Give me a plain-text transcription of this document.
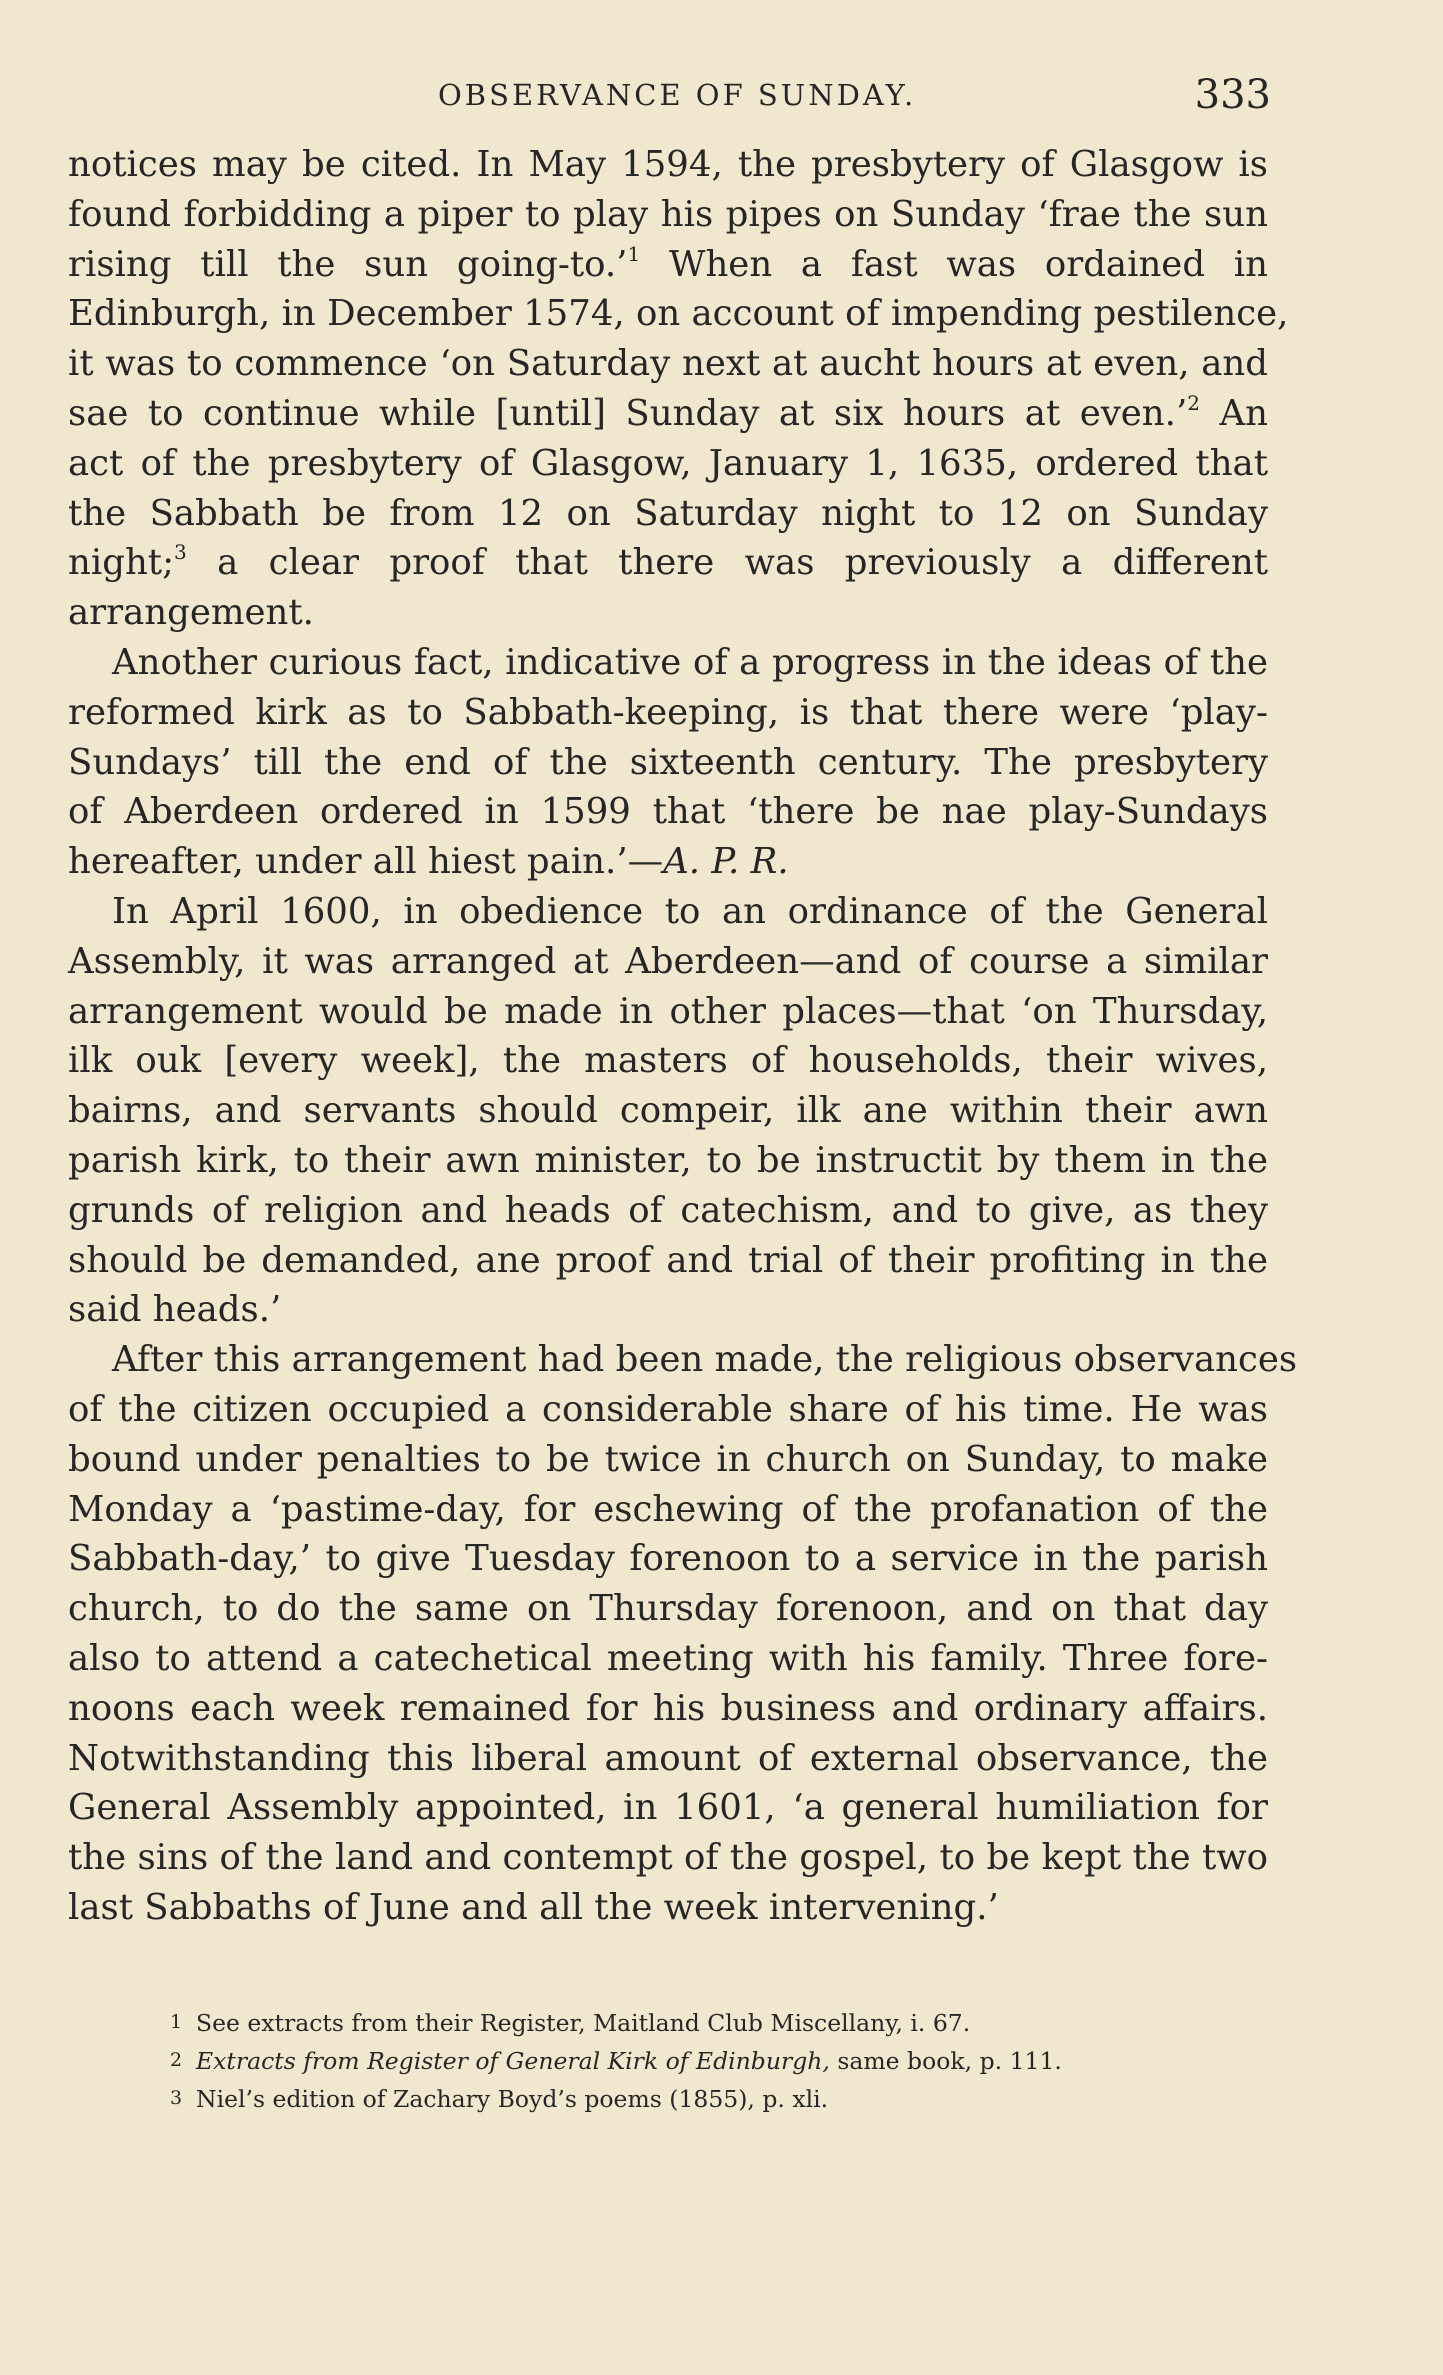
OBSERVANCE OF SUNDAY.	333
notices may be cited. In May 1594, the presbytery of Glasgow is
found forbidding a piper to play his pipes on Sunday ‘frae the sun
rising till the sun going-to.’$^1$ When a fast was ordained in
Edinburgh, in December 1574, on account of impending pestilence,
it was to commence ‘on Saturday next at aucht hours at even, and
sae to continue while [until] Sunday at six hours at even.’$^2$ An
act of the presbytery of Glasgow, January 1, 1635, ordered that
the Sabbath be from 12 on Saturday night to 12 on Sunday
night;$^3$ a clear proof that there was previously a different
arrangement.
Another curious fact, indicative of a progress in the ideas of the
reformed kirk as to Sabbath-keeping, is that there were ‘play-
Sundays’ till the end of the sixteenth century. The presbytery
of Aberdeen ordered in 1599 that ‘there be nae play-Sundays
hereafter, under all hiest pain.’—A. P. R.
In April 1600, in obedience to an ordinance of the General
Assembly, it was arranged at Aberdeen—and of course a similar
arrangement would be made in other places—that ‘on Thursday,
ilk ouk [every week], the masters of households, their wives,
bairns, and servants should compeir, ilk ane within their awn
parish kirk, to their awn minister, to be instructit by them in the
grunds of religion and heads of catechism, and to give, as they
should be demanded, ane proof and trial of their profiting in the
said heads.’
After this arrangement had been made, the religious observances
of the citizen occupied a considerable share of his time. He was
bound under penalties to be twice in church on Sunday, to make
Monday a ‘pastime-day, for eschewing of the profanation of the
Sabbath-day,’ to give Tuesday forenoon to a service in the parish
church, to do the same on Thursday forenoon, and on that day
also to attend a catechetical meeting with his family. Three fore-
noons each week remained for his business and ordinary affairs.
Notwithstanding this liberal amount of external observance, the
General Assembly appointed, in 1601, ‘a general humiliation for
the sins of the land and contempt of the gospel, to be kept the two
last Sabbaths of June and all the week intervening.’
1 See extracts from their Register, Maitland Club Miscellany, i. 67.
2 Extracts from Register of General Kirk of Edinburgh, same book, p. 111.
3 Niel’s edition of Zachary Boyd’s poems (1855), p. xli.
